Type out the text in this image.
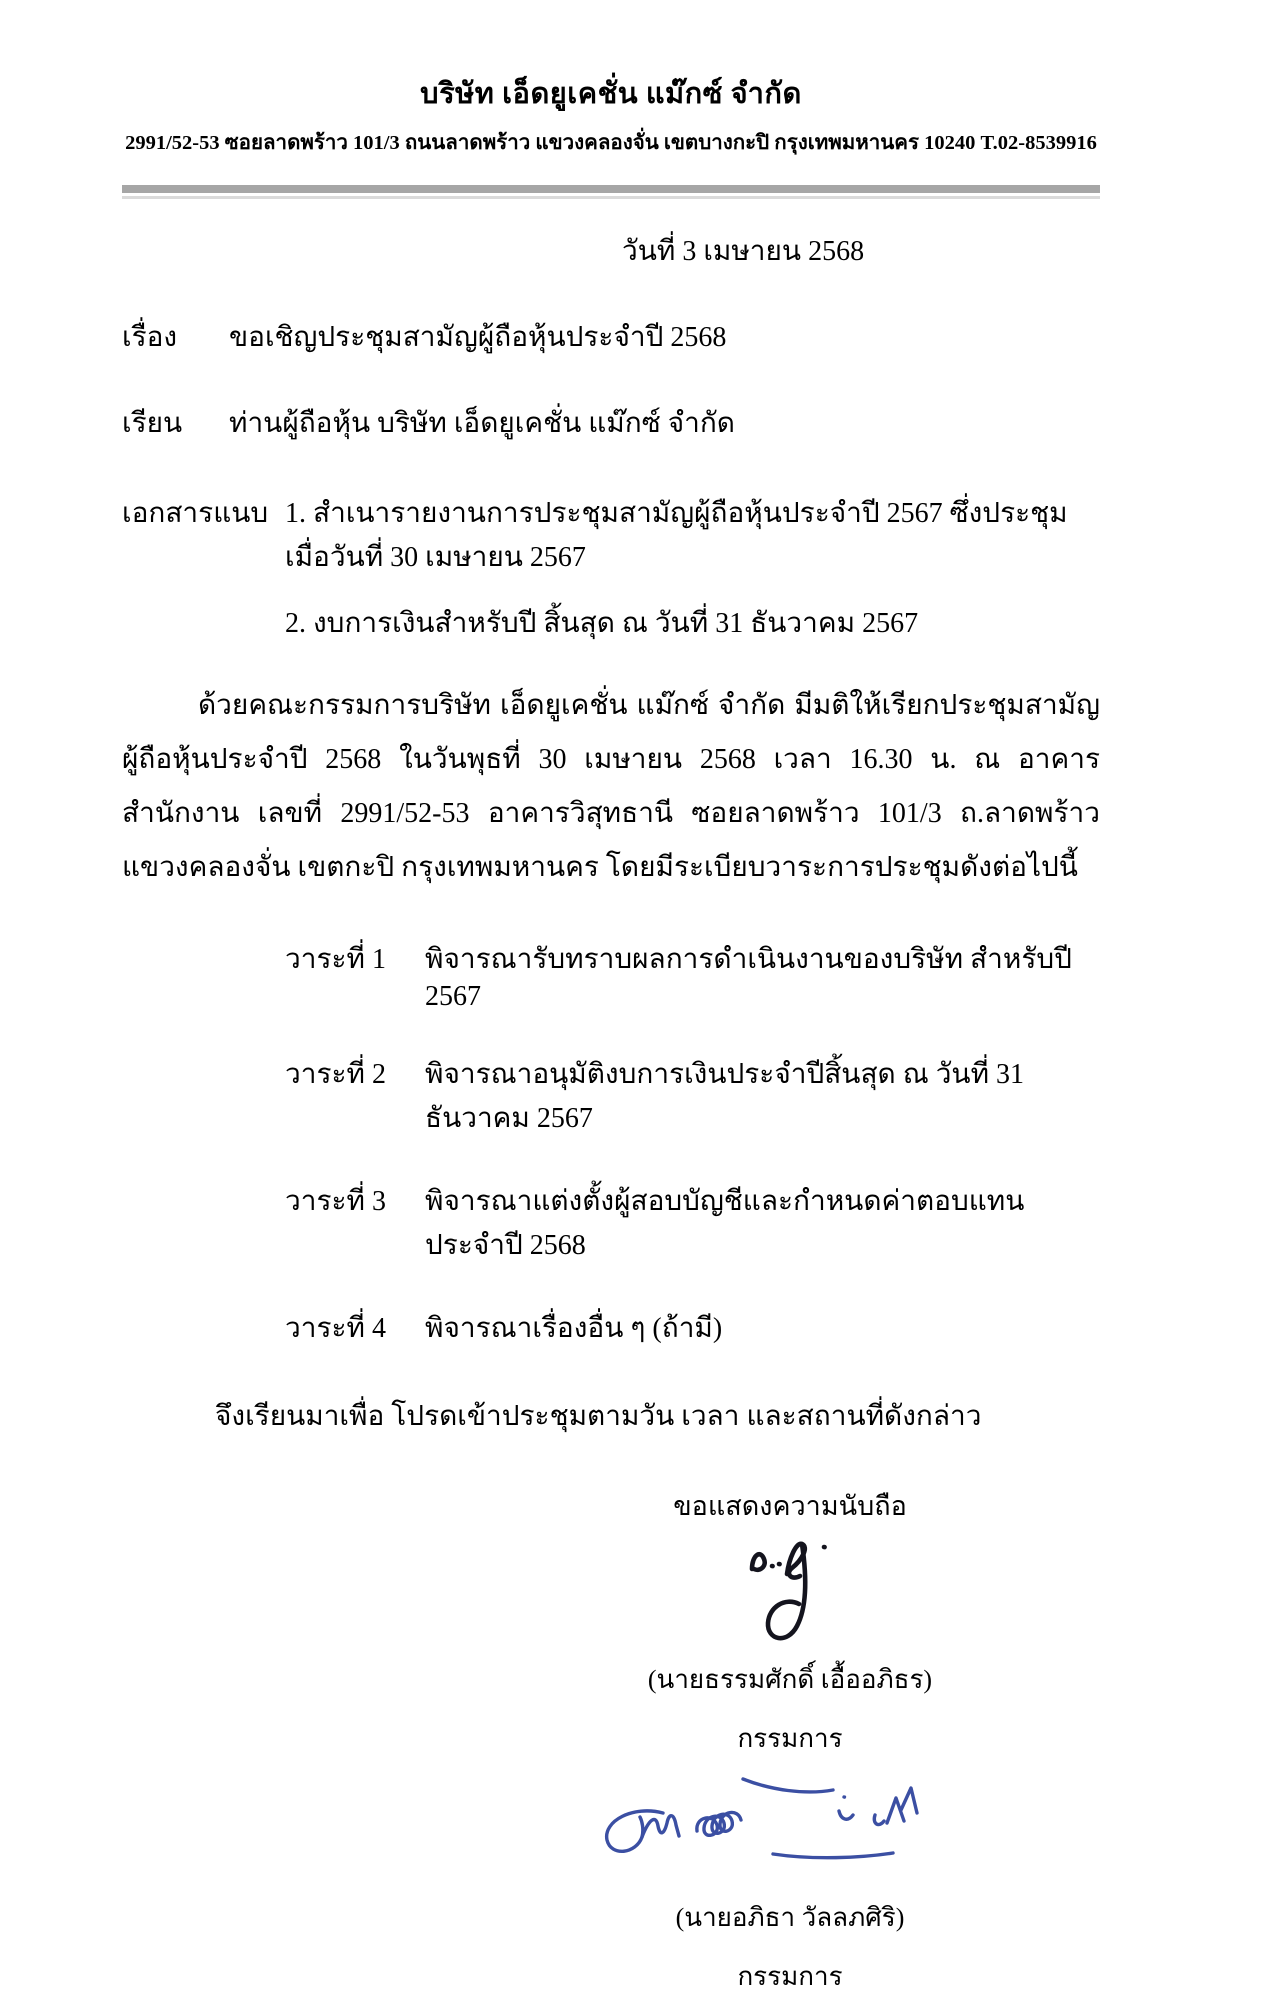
บริษัท เอ็ดยูเคชั่น แม๊กซ์ จำกัด
2991/52-53 ซอยลาดพร้าว 101/3 ถนนลาดพร้าว แขวงคลองจั่น เขตบางกะปิ กรุงเทพมหานคร 10240 T.02-8539916
วันที่ 3 เมษายน 2568
เรื่อง	ขอเชิญประชุมสามัญผู้ถือหุ้นประจำปี 2568
เรียน	ท่านผู้ถือหุ้น บริษัท เอ็ดยูเคชั่น แม๊กซ์ จำกัด
เอกสารแนบ 1. สำเนารายงานการประชุมสามัญผู้ถือหุ้นประจำปี 2567 ซึ่งประชุมเมื่อวันที่ 30 เมษายน 2567
2. งบการเงินสำหรับปี สิ้นสุด ณ วันที่ 31 ธันวาคม 2567
ด้วยคณะกรรมการบริษัท เอ็ดยูเคชั่น แม๊กซ์ จำกัด มีมติให้เรียกประชุมสามัญผู้ถือหุ้นประจำปี 2568 ในวันพุธที่ 30 เมษายน 2568 เวลา 16.30 น. ณ อาคารสำนักงาน เลขที่ 2991/52-53 อาคารวิสุทธานี ซอยลาดพร้าว 101/3 ถ.ลาดพร้าว แขวงคลองจั่น เขตกะปิ กรุงเทพมหานคร โดยมีระเบียบวาระการประชุมดังต่อไปนี้
วาระที่ 1	พิจารณารับทราบผลการดำเนินงานของบริษัท สำหรับปี 2567
วาระที่ 2	พิจารณาอนุมัติงบการเงินประจำปีสิ้นสุด ณ วันที่ 31 ธันวาคม 2567
วาระที่ 3	พิจารณาแต่งตั้งผู้สอบบัญชีและกำหนดค่าตอบแทนประจำปี 2568
วาระที่ 4	พิจารณาเรื่องอื่น ๆ (ถ้ามี)
จึงเรียนมาเพื่อ โปรดเข้าประชุมตามวัน เวลา และสถานที่ดังกล่าว
ขอแสดงความนับถือ
(นายธรรมศักดิ์ เอื้ออภิธร)
กรรมการ
(นายอภิธา วัลลภศิริ)
กรรมการ
